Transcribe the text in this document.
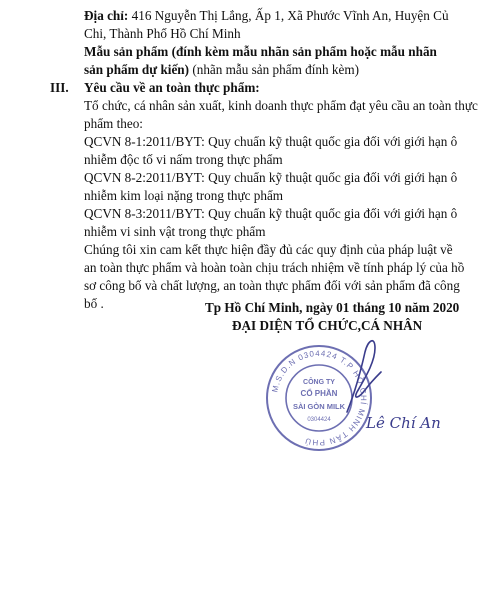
Địa chỉ: 416 Nguyễn Thị Lắng, Ấp 1, Xã Phước Vĩnh An, Huyện Củ
Chi, Thành Phố Hồ Chí Minh
Mẫu sản phẩm (đính kèm mẫu nhãn sản phẩm hoặc mẫu nhãn
sản phẩm dự kiến) (nhãn mẫu sản phẩm đính kèm)
III. Yêu cầu về an toàn thực phẩm:
Tổ chức, cá nhân sản xuất, kinh doanh thực phẩm đạt yêu cầu an toàn thực
phẩm theo:
QCVN 8-1:2011/BYT: Quy chuẩn kỹ thuật quốc gia đối với giới hạn ô
nhiễm độc tố vi nấm trong thực phẩm
QCVN 8-2:2011/BYT: Quy chuẩn kỹ thuật quốc gia đối với giới hạn ô
nhiễm kim loại nặng trong thực phẩm
QCVN 8-3:2011/BYT: Quy chuẩn kỹ thuật quốc gia đối với giới hạn ô
nhiễm vi sinh vật trong thực phẩm
Chúng tôi xin cam kết thực hiện đầy đủ các quy định của pháp luật về
an toàn thực phẩm và hoàn toàn chịu trách nhiệm về tính pháp lý của hồ
sơ công bố và chất lượng, an toàn thực phẩm đối với sản phẩm đã công
bố .	Tp Hồ Chí Minh, ngày 01 tháng 10 năm 2020
ĐẠI DIỆN TỔ CHỨC,CÁ NHÂN
M.S.D.N 0304424 T.P HỒ CHÍ MINH TÂN PHÚ
CÔNG TY
CỔ PHẦN
SÀI GÒN MILK
0304424 Lê Chí An
